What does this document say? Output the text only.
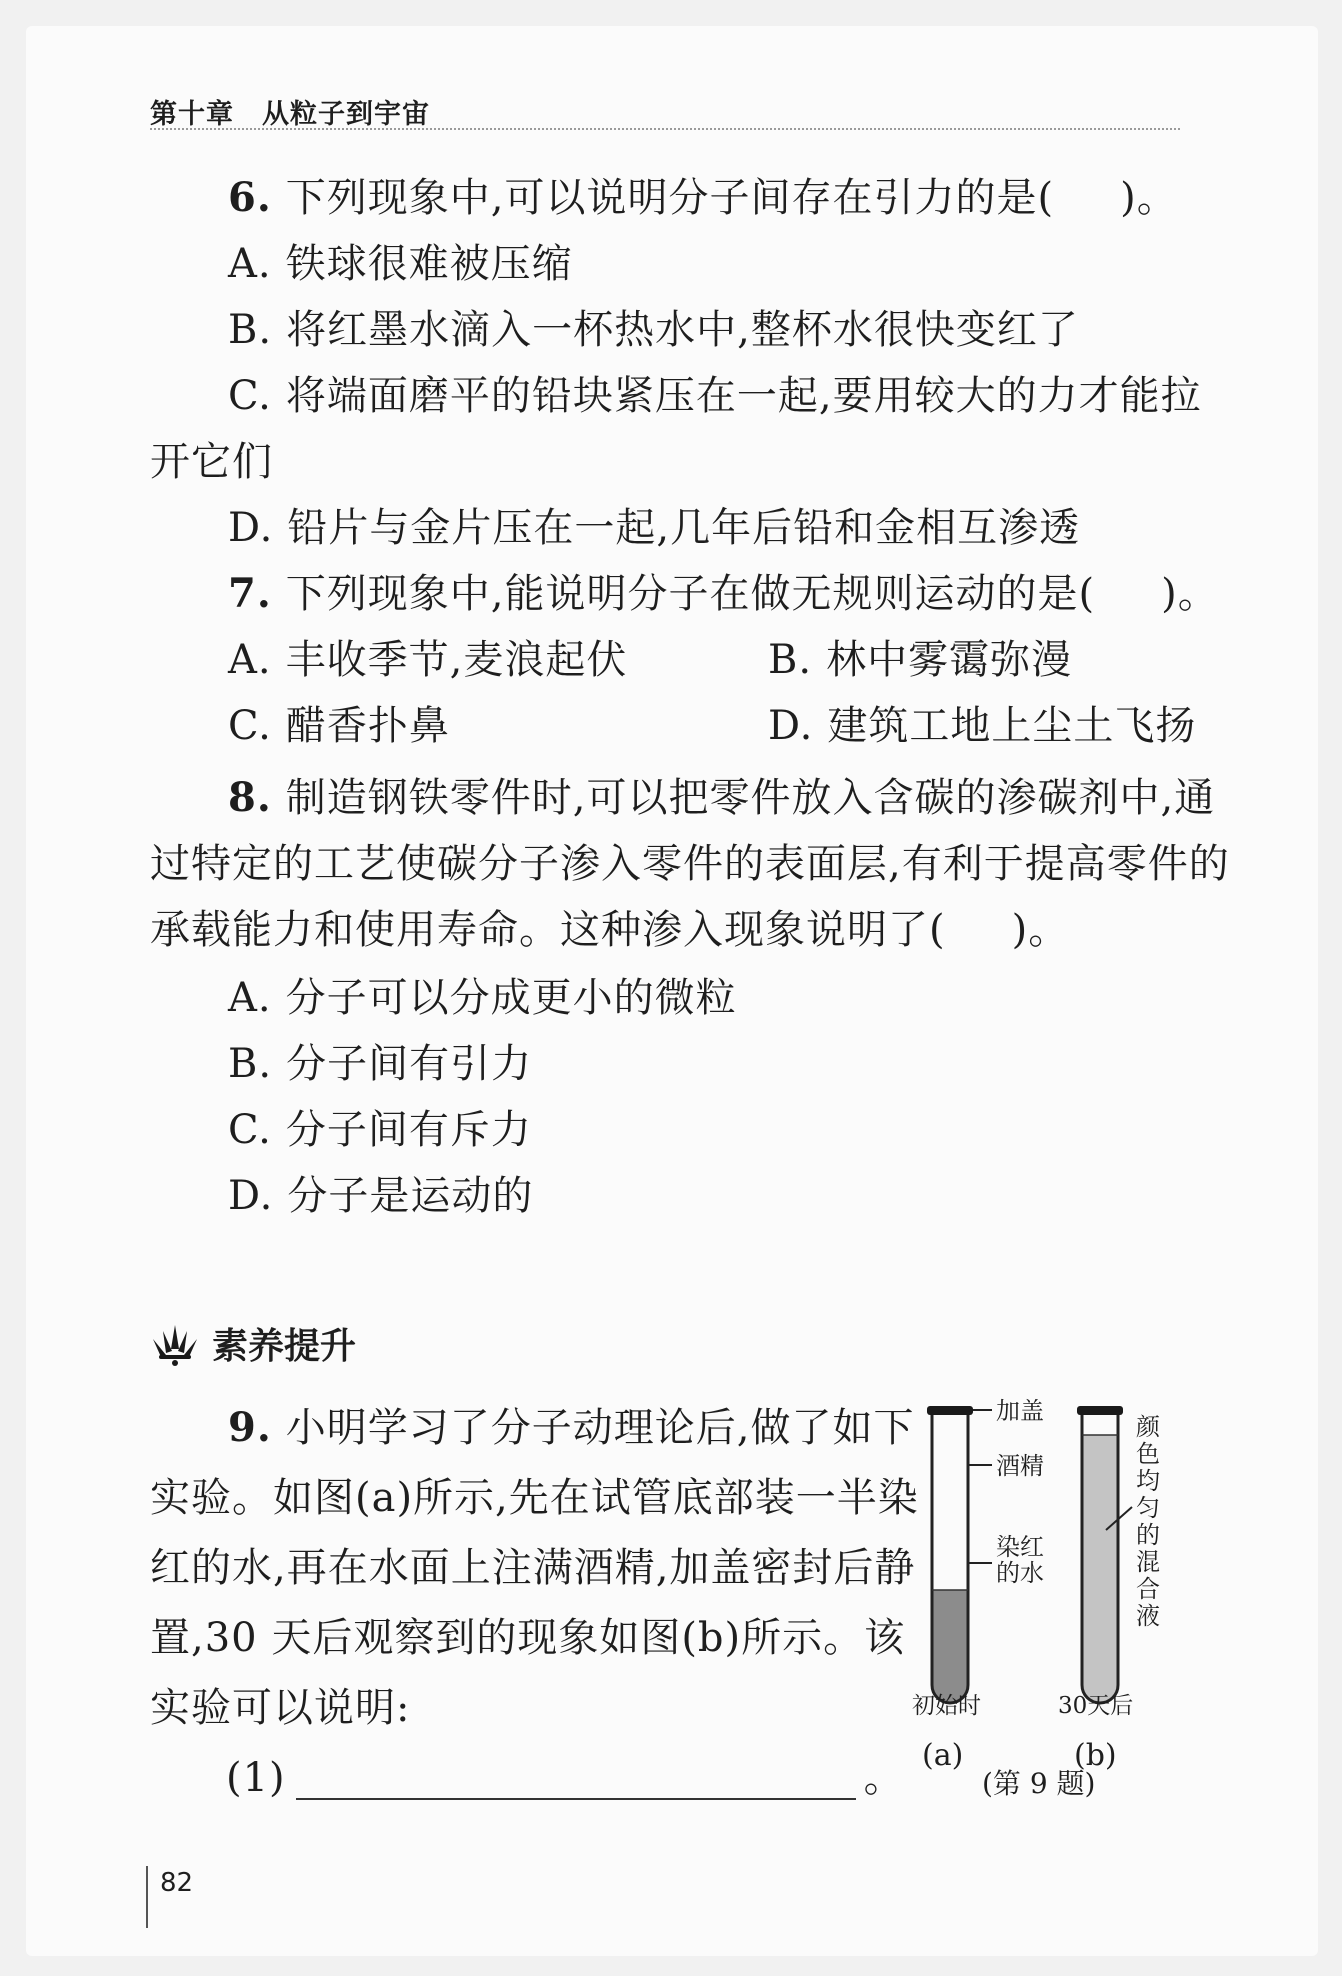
第十章 从粒子到宇宙
6. 下列现象中,可以说明分子间存在引力的是( )。
A. 铁球很难被压缩
B. 将红墨水滴入一杯热水中,整杯水很快变红了
C. 将端面磨平的铅块紧压在一起,要用较大的力才能拉
开它们
D. 铅片与金片压在一起,几年后铅和金相互渗透
7. 下列现象中,能说明分子在做无规则运动的是( )。
A. 丰收季节,麦浪起伏	B. 林中雾霭弥漫
C. 醋香扑鼻	D. 建筑工地上尘土飞扬
8. 制造钢铁零件时,可以把零件放入含碳的渗碳剂中,通
过特定的工艺使碳分子渗入零件的表面层,有利于提高零件的
承载能力和使用寿命。这种渗入现象说明了( )。
A. 分子可以分成更小的微粒
B. 分子间有引力
C. 分子间有斥力
D. 分子是运动的
素养提升
9. 小明学习了分子动理论后,做了如下
实验。如图(a)所示,先在试管底部装一半染
红的水,再在水面上注满酒精,加盖密封后静
置,30 天后观察到的现象如图(b)所示。该
实验可以说明:
(1)	。
加盖
酒精
染红
的水
颜
色
均
匀
的
混
合
液
初始时	30天后
(a)	(b)
(第 9 题)
82
